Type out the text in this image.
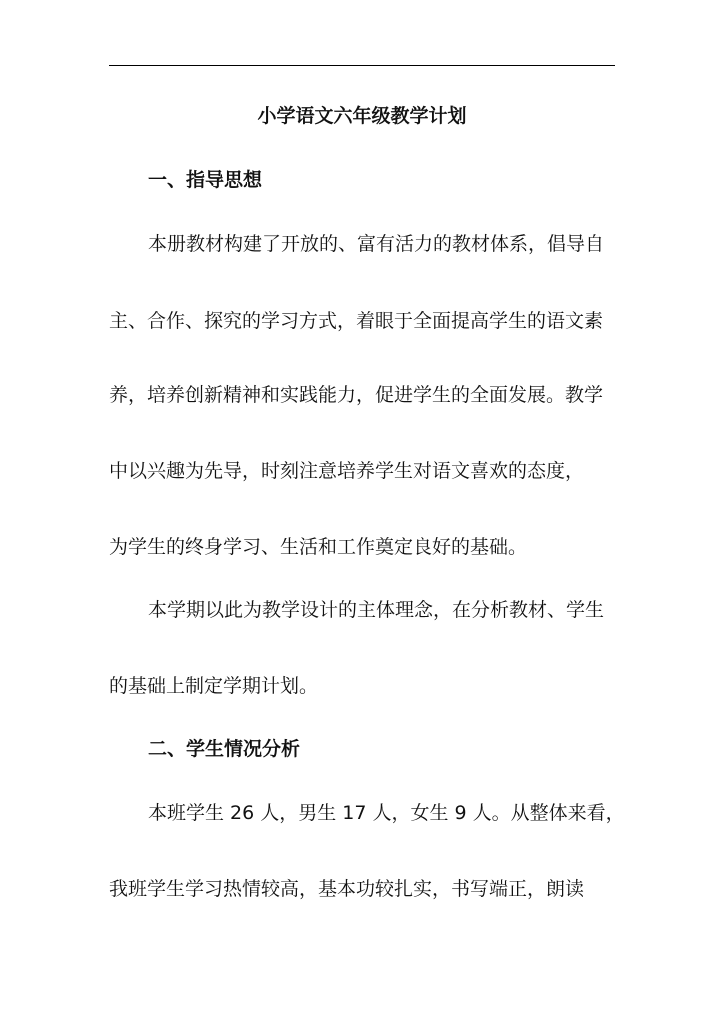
小学语文六年级教学计划
一、指导思想
本册教材构建了开放的、富有活力的教材体系，倡导自
主、合作、探究的学习方式，着眼于全面提高学生的语文素
养，培养创新精神和实践能力，促进学生的全面发展。教学
中以兴趣为先导，时刻注意培养学生对语文喜欢的态度，
为学生的终身学习、生活和工作奠定良好的基础。
本学期以此为教学设计的主体理念，在分析教材、学生
的基础上制定学期计划。
二、学生情况分析
本班学生 26 人，男生 17 人，女生 9 人。从整体来看，
我班学生学习热情较高，基本功较扎实，书写端正，朗读
